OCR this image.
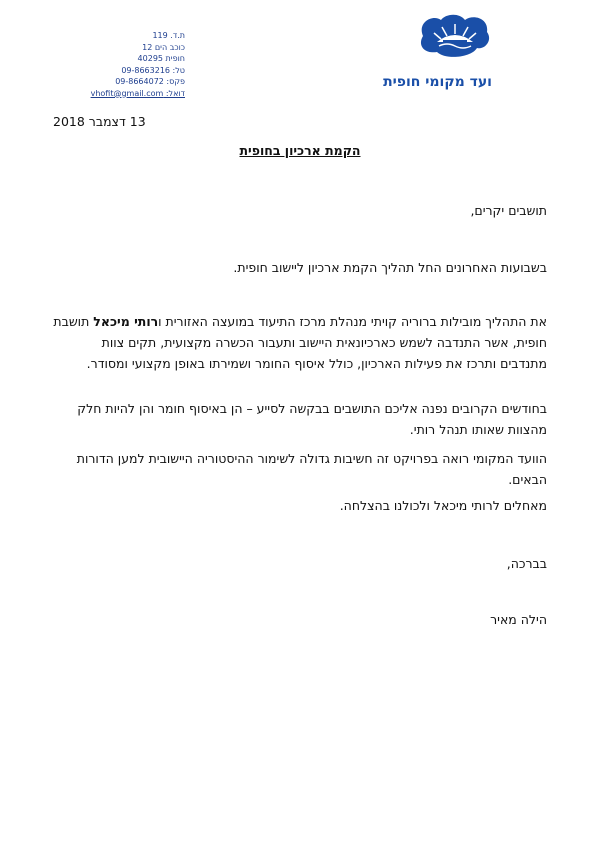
ת.ד. 119
כוכב הים 12
חופית 40295
טל: 09-8663216
פקס: 09-8664072
דואל: vhofit@gmail.com
ועד מקומי חופית
13 דצמבר 2018
הקמת ארכיון בחופית

תושבים יקרים,

בשבועות האחרונים החל תהליך הקמת ארכיון ליישוב חופית.

את התהליך מובילות ברוריה קויתי מנהלת מרכז התיעוד במועצה האזורית ורותי מיכאל תושבת חופית, אשר התנדבה לשמש כארכיונאית היישוב ותעבור הכשרה מקצועית, תקים צוות מתנדבים ותרכז את פעילות הארכיון, כולל איסוף החומר ושמירתו באופן מקצועי ומסודר.

בחודשים הקרובים נפנה אליכם התושבים בבקשה לסייע – הן באיסוף חומר והן להיות חלק מהצוות שאותו תנהל רותי.

הוועד המקומי רואה בפרויקט זה חשיבות גדולה לשימור ההיסטוריה היישובית למען הדורות הבאים.

מאחלים לרותי מיכאל ולכולנו בהצלחה.

בברכה,

הילה מאיר
